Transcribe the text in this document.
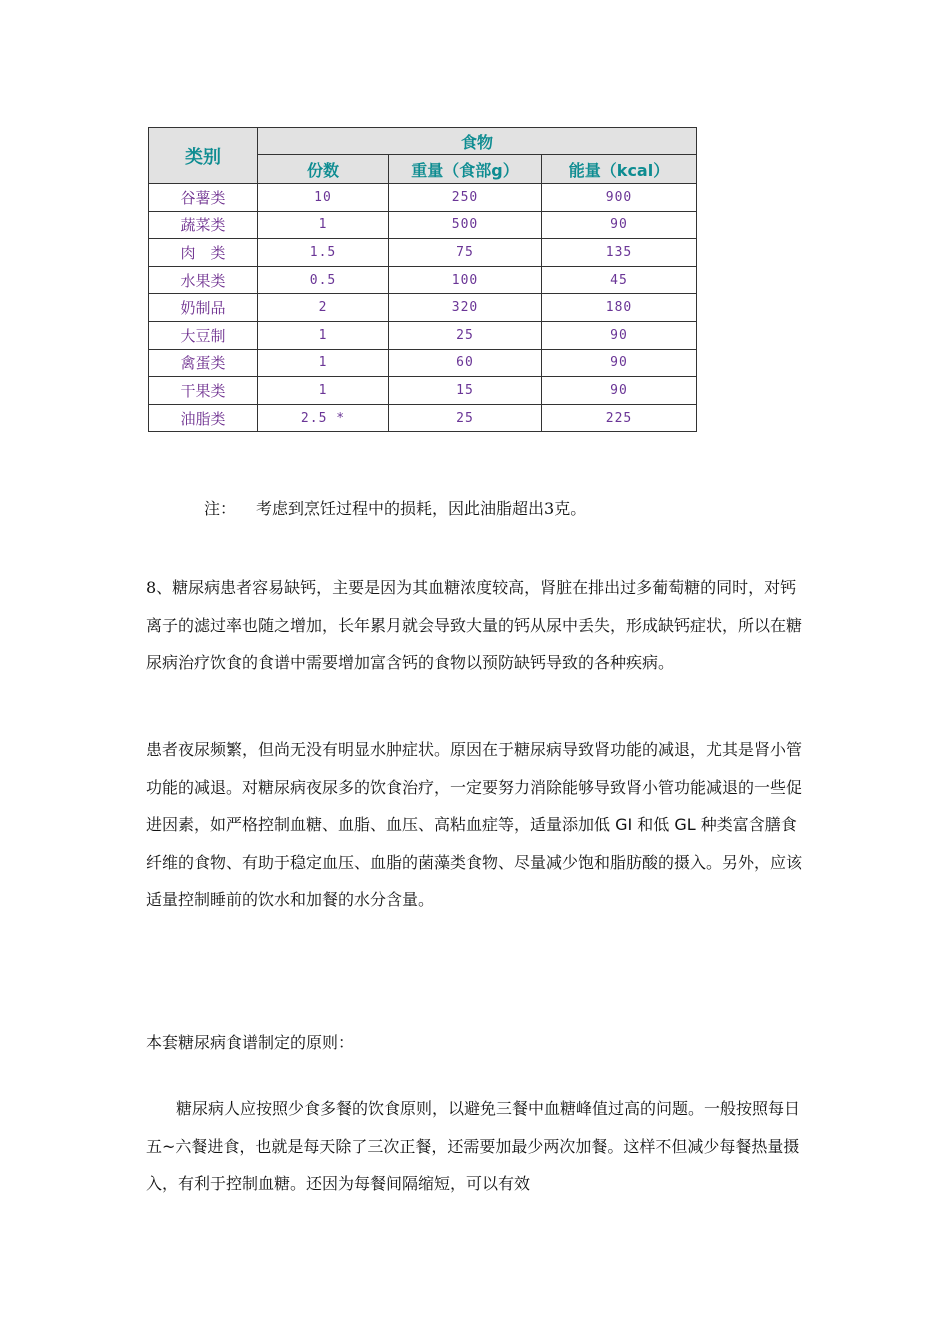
类别	食物		
	份数	重量（食部g）	能量（kcal）
谷薯类	10	250	900
蔬菜类	1	500	90
肉　类	1.5	75	135
水果类	0.5	100	45
奶制品	2	320	180
大豆制	1	25	90
禽蛋类	1	60	90
干果类	1	15	90
油脂类	2.5 *	25	225
注： 考虑到烹饪过程中的损耗，因此油脂超出3克。

8、糖尿病患者容易缺钙，主要是因为其血糖浓度较高，肾脏在排出过多葡萄糖的同时，对钙离子的滤过率也随之增加，长年累月就会导致大量的钙从尿中丢失，形成缺钙症状，所以在糖尿病治疗饮食的食谱中需要增加富含钙的食物以预防缺钙导致的各种疾病。

患者夜尿频繁，但尚无没有明显水肿症状。原因在于糖尿病导致肾功能的减退，尤其是肾小管功能的减退。对糖尿病夜尿多的饮食治疗，一定要努力消除能够导致肾小管功能减退的一些促进因素，如严格控制血糖、血脂、血压、高粘血症等，适量添加低 GI 和低 GL 种类富含膳食纤维的食物、有助于稳定血压、血脂的菌藻类食物、尽量减少饱和脂肪酸的摄入。另外，应该适量控制睡前的饮水和加餐的水分含量。

本套糖尿病食谱制定的原则：

糖尿病人应按照少食多餐的饮食原则，以避免三餐中血糖峰值过高的问题。一般按照每日五~六餐进食，也就是每天除了三次正餐，还需要加最少两次加餐。这样不但减少每餐热量摄入，有利于控制血糖。还因为每餐间隔缩短，可以有效
